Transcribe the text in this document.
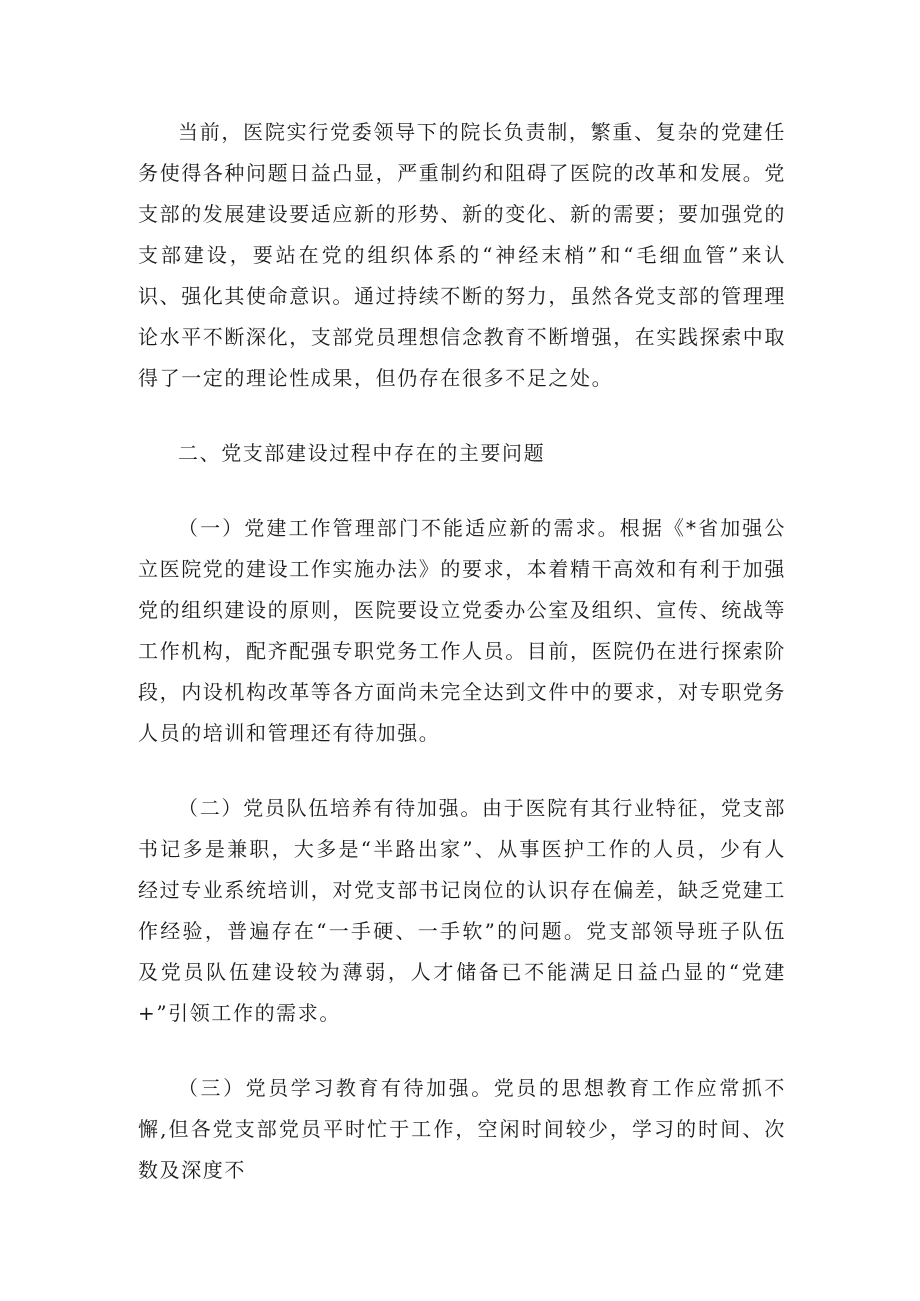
当前，医院实行党委领导下的院长负责制，繁重、复杂的党建任务使得各种问题日益凸显，严重制约和阻碍了医院的改革和发展。党支部的发展建设要适应新的形势、新的变化、新的需要；要加强党的支部建设，要站在党的组织体系的“神经末梢”和“毛细血管”来认识、强化其使命意识。通过持续不断的努力，虽然各党支部的管理理论水平不断深化，支部党员理想信念教育不断增强，在实践探索中取得了一定的理论性成果，但仍存在很多不足之处。

二、党支部建设过程中存在的主要问题

（一）党建工作管理部门不能适应新的需求。根据《*省加强公立医院党的建设工作实施办法》的要求，本着精干高效和有利于加强党的组织建设的原则，医院要设立党委办公室及组织、宣传、统战等工作机构，配齐配强专职党务工作人员。目前，医院仍在进行探索阶段，内设机构改革等各方面尚未完全达到文件中的要求，对专职党务人员的培训和管理还有待加强。

（二）党员队伍培养有待加强。由于医院有其行业特征，党支部书记多是兼职，大多是“半路出家”、从事医护工作的人员，少有人经过专业系统培训，对党支部书记岗位的认识存在偏差，缺乏党建工作经验，普遍存在“一手硬、一手软”的问题。党支部领导班子队伍及党员队伍建设较为薄弱，人才储备已不能满足日益凸显的“党建+”引领工作的需求。

（三）党员学习教育有待加强。党员的思想教育工作应常抓不懈,但各党支部党员平时忙于工作，空闲时间较少，学习的时间、次数及深度不
